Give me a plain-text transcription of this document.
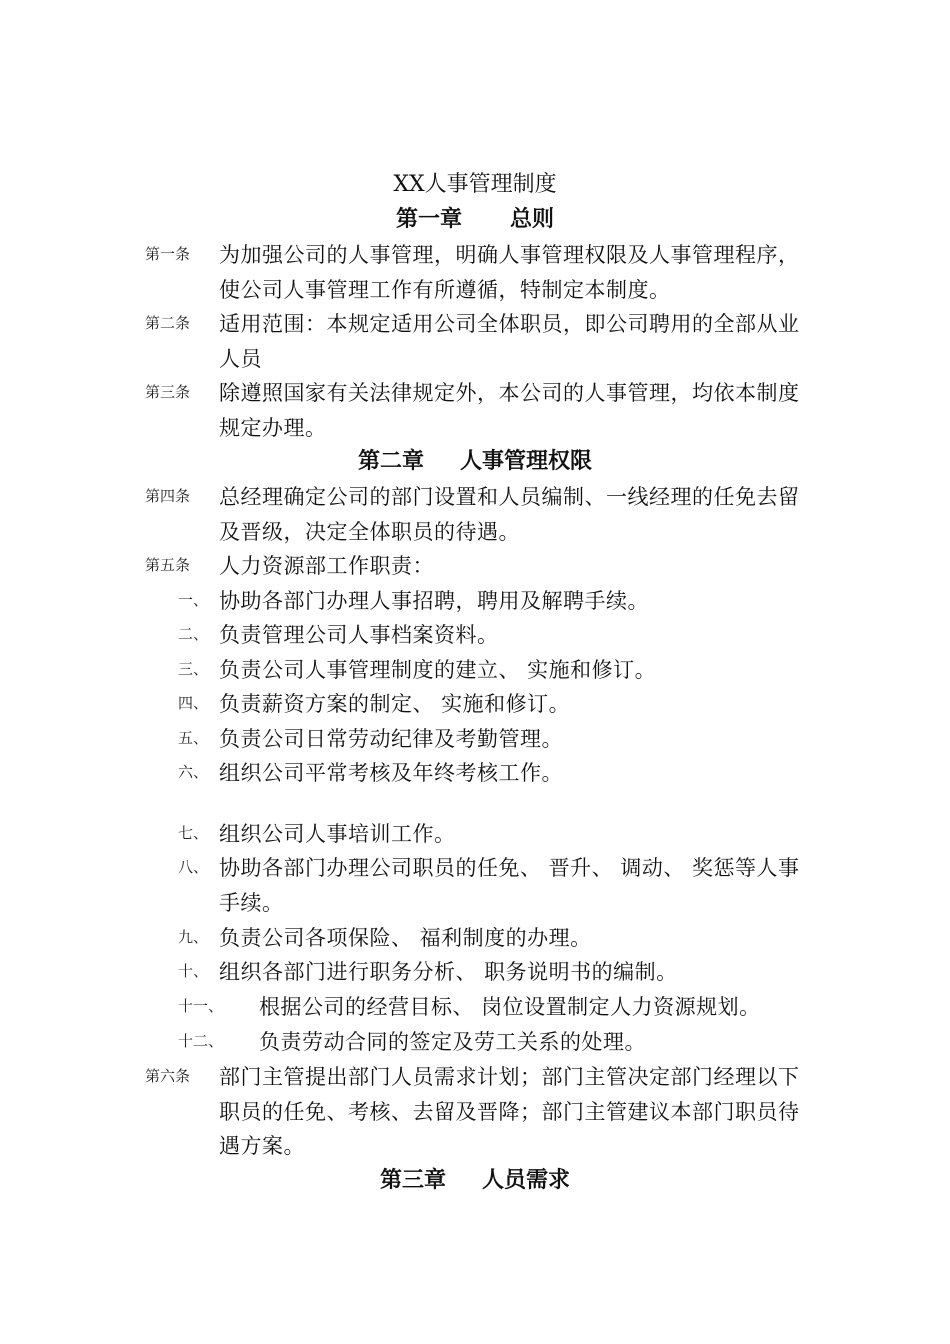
XX人事管理制度
第一章 总则
第一条 为加强公司的人事管理，明确人事管理权限及人事管理程序，使公司人事管理工作有所遵循，特制定本制度。
第二条 适用范围：本规定适用公司全体职员，即公司聘用的全部从业人员
第三条 除遵照国家有关法律规定外，本公司的人事管理，均依本制度规定办理。
第二章 人事管理权限
第四条 总经理确定公司的部门设置和人员编制、一线经理的任免去留及晋级，决定全体职员的待遇。
第五条 人力资源部工作职责：
一、 协助各部门办理人事招聘，聘用及解聘手续。
二、 负责管理公司人事档案资料。
三、 负责公司人事管理制度的建立、 实施和修订。
四、 负责薪资方案的制定、 实施和修订。
五、 负责公司日常劳动纪律及考勤管理。
六、 组织公司平常考核及年终考核工作。
七、 组织公司人事培训工作。
八、 协助各部门办理公司职员的任免、 晋升、 调动、 奖惩等人事手续。
九、 负责公司各项保险、 福利制度的办理。
十、 组织各部门进行职务分析、 职务说明书的编制。
十一、 根据公司的经营目标、 岗位设置制定人力资源规划。
十二、 负责劳动合同的签定及劳工关系的处理。
第六条 部门主管提出部门人员需求计划；部门主管决定部门经理以下职员的任免、考核、去留及晋降；部门主管建议本部门职员待遇方案。
第三章 人员需求
